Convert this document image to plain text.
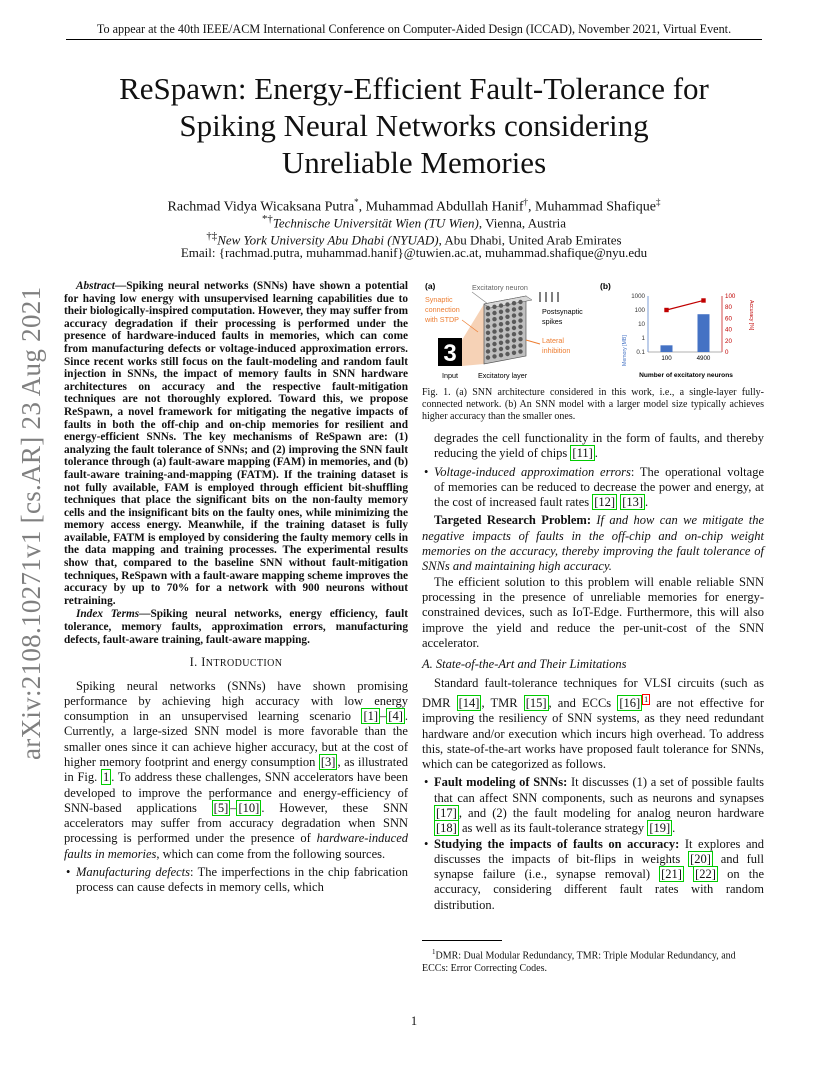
To appear at the 40th IEEE/ACM International Conference on Computer-Aided Design (ICCAD), November 2021, Virtual Event.
ReSpawn: Energy-Efficient Fault-Tolerance for
Spiking Neural Networks considering
Unreliable Memories
Rachmad Vidya Wicaksana Putra*, Muhammad Abdullah Hanif†, Muhammad Shafique‡
*†Technische Universität Wien (TU Wien), Vienna, Austria
†‡New York University Abu Dhabi (NYUAD), Abu Dhabi, United Arab Emirates
Email: {rachmad.putra, muhammad.hanif}@tuwien.ac.at, muhammad.shafique@nyu.edu
arXiv:2108.10271v1 [cs.AR] 23 Aug 2021

Abstract—Spiking neural networks (SNNs) have shown a potential for having low energy with unsupervised learning capabilities due to their biologically-inspired computation. However, they may suffer from accuracy degradation if their processing is performed under the presence of hardware-induced faults in memories, which can come from manufacturing defects or voltage-induced approximation errors. Since recent works still focus on the fault-modeling and random fault injection in SNNs, the impact of memory faults in SNN hardware architectures on accuracy and the respective fault-mitigation techniques are not thoroughly explored. Toward this, we propose ReSpawn, a novel framework for mitigating the negative impacts of faults in both the off-chip and on-chip memories for resilient and energy-efficient SNNs. The key mechanisms of ReSpawn are: (1) analyzing the fault tolerance of SNNs; and (2) improving the SNN fault tolerance through (a) fault-aware mapping (FAM) in memories, and (b) fault-aware training-and-mapping (FATM). If the training dataset is not fully available, FAM is employed through efficient bit-shuffling techniques that place the significant bits on the non-faulty memory cells and the insignificant bits on the faulty ones, while minimizing the memory access energy. Meanwhile, if the training dataset is fully available, FATM is employed by considering the faulty memory cells in the data mapping and training processes. The experimental results show that, compared to the baseline SNN without fault-mitigation techniques, ReSpawn with a fault-aware mapping scheme improves the accuracy by up to 70% for a network with 900 neurons without retraining.

Index Terms—Spiking neural networks, energy efficiency, fault tolerance, memory faults, approximation errors, manufacturing defects, fault-aware training, fault-aware mapping.

I. INTRODUCTION

Spiking neural networks (SNNs) have shown promising performance by achieving high accuracy with low energy consumption in an unsupervised learning scenario [1] – [4] . Currently, a large-sized SNN model is more favorable than the smaller ones since it can achieve higher accuracy, but at the cost of higher memory footprint and energy consumption [3] , as illustrated in Fig. 1 . To address these challenges, SNN accelerators have been developed to improve the performance and energy-efficiency of SNN-based applications [5] – [10] . However, these SNN accelerators may suffer from accuracy degradation when SNN processing is performed under the presence of hardware-induced faults in memories, which can come from the following sources.

• Manufacturing defects: The imperfections in the chip fabrication process can cause defects in memory cells, which
(a)	Excitatory neuron
Synaptic
connection
with STDP
3
Input	Excitatory layer
Lateral
inhibition
Postsynaptic
spikes
(b)
Memory [MB]
Accuracy [%]
Number of excitatory neurons
1000
100
10
1
0.1
100
80
60
40
20
0
100	4900
Fig. 1. (a) SNN architecture considered in this work, i.e., a single-layer fully-connected network. (b) An SNN model with a larger model size typically achieves higher accuracy than the smaller ones.

degrades the cell functionality in the form of faults, and thereby reducing the yield of chips [11] .

• Voltage-induced approximation errors: The operational voltage of memories can be reduced to decrease the power and energy, at the cost of increased fault rates [12] [13] .

Targeted Research Problem: If and how can we mitigate the negative impacts of faults in the off-chip and on-chip weight memories on the accuracy, thereby improving the fault tolerance of SNNs and maintaining high accuracy.

The efficient solution to this problem will enable reliable SNN processing in the presence of unreliable memories for energy-constrained devices, such as IoT-Edge. Furthermore, this will also improve the yield and reduce the per-unit-cost of the SNN accelerator.

A. State-of-the-Art and Their Limitations

Standard fault-tolerance techniques for VLSI circuits (such as DMR [14] , TMR [15] , and ECCs [16] $^1$ are not effective for improving the resiliency of SNN systems, as they need redundant hardware and/or execution which incurs high overhead. To address this, state-of-the-art works have proposed fault tolerance for SNNs, which can be categorized as follows.

• Fault modeling of SNNs: It discusses (1) a set of possible faults that can affect SNN components, such as neurons and synapses [17] , and (2) the fault modeling for analog neuron hardware [18] as well as its fault-tolerance strategy [19] .
• Studying the impacts of faults on accuracy: It explores and discusses the impacts of bit-flips in weights [20] and full synapse failure (i.e., synapse removal) [21] [22] on the accuracy, considering different fault rates with random distribution.
$^1$DMR: Dual Modular Redundancy, TMR: Triple Modular Redundancy, and ECCs: Error Correcting Codes.
1
